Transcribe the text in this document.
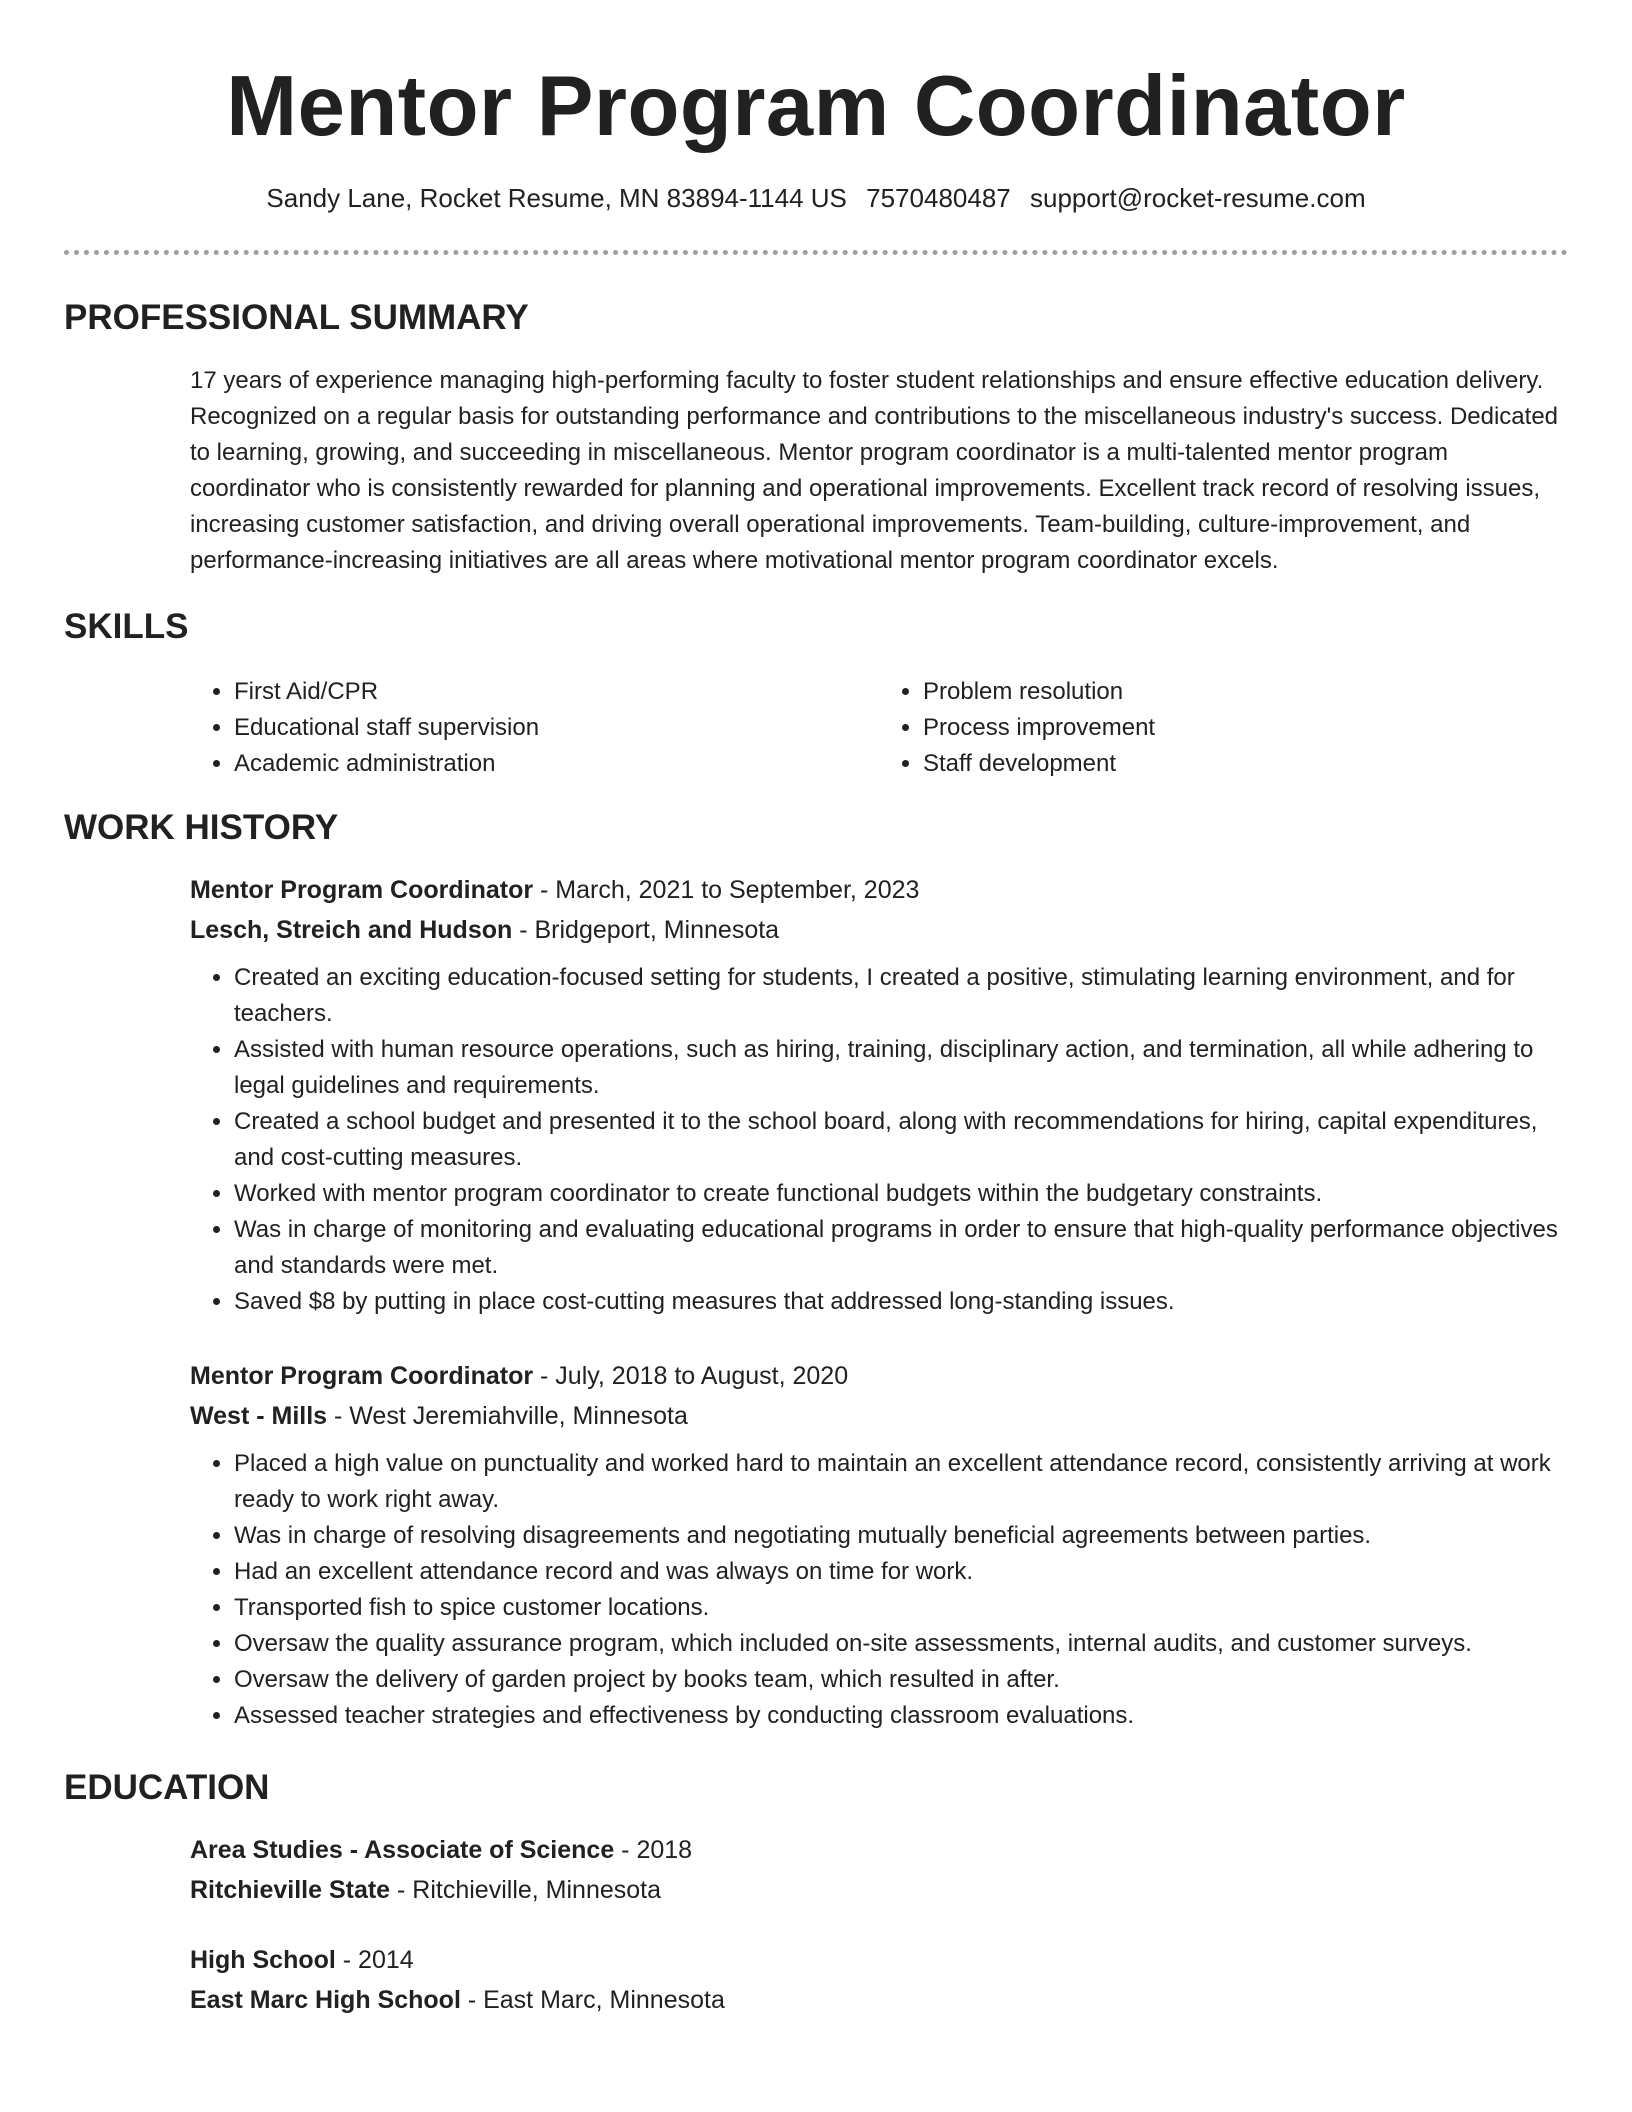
Mentor Program Coordinator
Sandy Lane, Rocket Resume, MN 83894-1144 US 7570480487 support@rocket-resume.com
PROFESSIONAL SUMMARY
17 years of experience managing high-performing faculty to foster student relationships and ensure effective education delivery. Recognized on a regular basis for outstanding performance and contributions to the miscellaneous industry's success. Dedicated to learning, growing, and succeeding in miscellaneous. Mentor program coordinator is a multi-talented mentor program coordinator who is consistently rewarded for planning and operational improvements. Excellent track record of resolving issues, increasing customer satisfaction, and driving overall operational improvements. Team-building, culture-improvement, and performance-increasing initiatives are all areas where motivational mentor program coordinator excels.
SKILLS
• First Aid/CPR
• Educational staff supervision
• Academic administration
• Problem resolution
• Process improvement
• Staff development
WORK HISTORY
Mentor Program Coordinator - March, 2021 to September, 2023
Lesch, Streich and Hudson - Bridgeport, Minnesota
• Created an exciting education-focused setting for students, I created a positive, stimulating learning environment, and for teachers.
• Assisted with human resource operations, such as hiring, training, disciplinary action, and termination, all while adhering to legal guidelines and requirements.
• Created a school budget and presented it to the school board, along with recommendations for hiring, capital expenditures, and cost-cutting measures.
• Worked with mentor program coordinator to create functional budgets within the budgetary constraints.
• Was in charge of monitoring and evaluating educational programs in order to ensure that high-quality performance objectives and standards were met.
• Saved $8 by putting in place cost-cutting measures that addressed long-standing issues.
Mentor Program Coordinator - July, 2018 to August, 2020
West - Mills - West Jeremiahville, Minnesota
• Placed a high value on punctuality and worked hard to maintain an excellent attendance record, consistently arriving at work ready to work right away.
• Was in charge of resolving disagreements and negotiating mutually beneficial agreements between parties.
• Had an excellent attendance record and was always on time for work.
• Transported fish to spice customer locations.
• Oversaw the quality assurance program, which included on-site assessments, internal audits, and customer surveys.
• Oversaw the delivery of garden project by books team, which resulted in after.
• Assessed teacher strategies and effectiveness by conducting classroom evaluations.
EDUCATION
Area Studies - Associate of Science - 2018
Ritchieville State - Ritchieville, Minnesota
High School - 2014
East Marc High School - East Marc, Minnesota
